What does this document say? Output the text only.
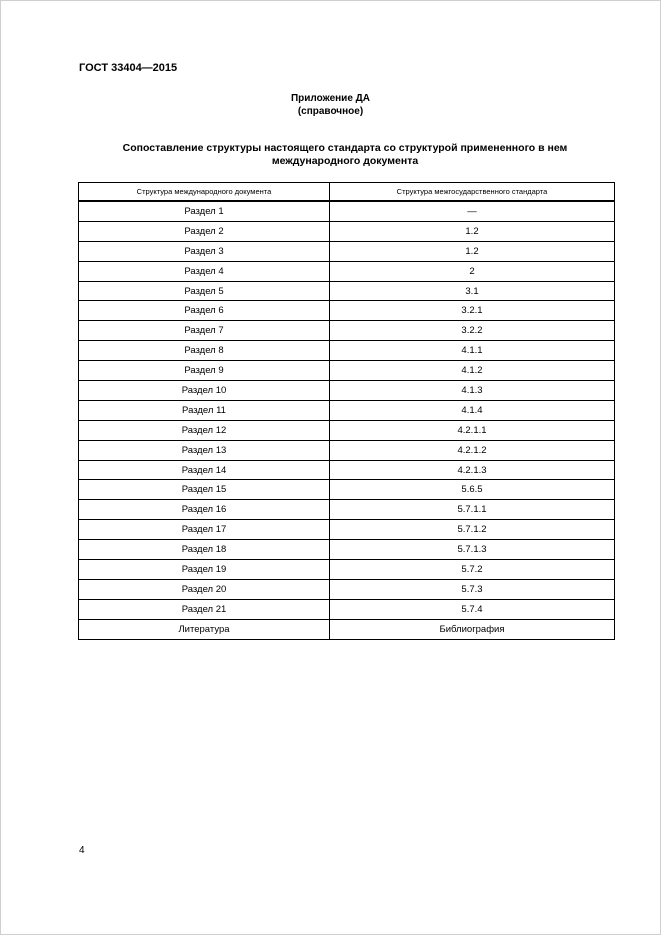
ГОСТ 33404—2015
Приложение ДА
(справочное)
Сопоставление структуры настоящего стандарта со структурой примененного в нем
международного документа
Структура международного документа	Структура межгосударственного стандарта
Раздел 1	—
Раздел 2	1.2
Раздел 3	1.2
Раздел 4	2
Раздел 5	3.1
Раздел 6	3.2.1
Раздел 7	3.2.2
Раздел 8	4.1.1
Раздел 9	4.1.2
Раздел 10	4.1.3
Раздел 11	4.1.4
Раздел 12	4.2.1.1
Раздел 13	4.2.1.2
Раздел 14	4.2.1.3
Раздел 15	5.6.5
Раздел 16	5.7.1.1
Раздел 17	5.7.1.2
Раздел 18	5.7.1.3
Раздел 19	5.7.2
Раздел 20	5.7.3
Раздел 21	5.7.4
Литература	Библиография
4
